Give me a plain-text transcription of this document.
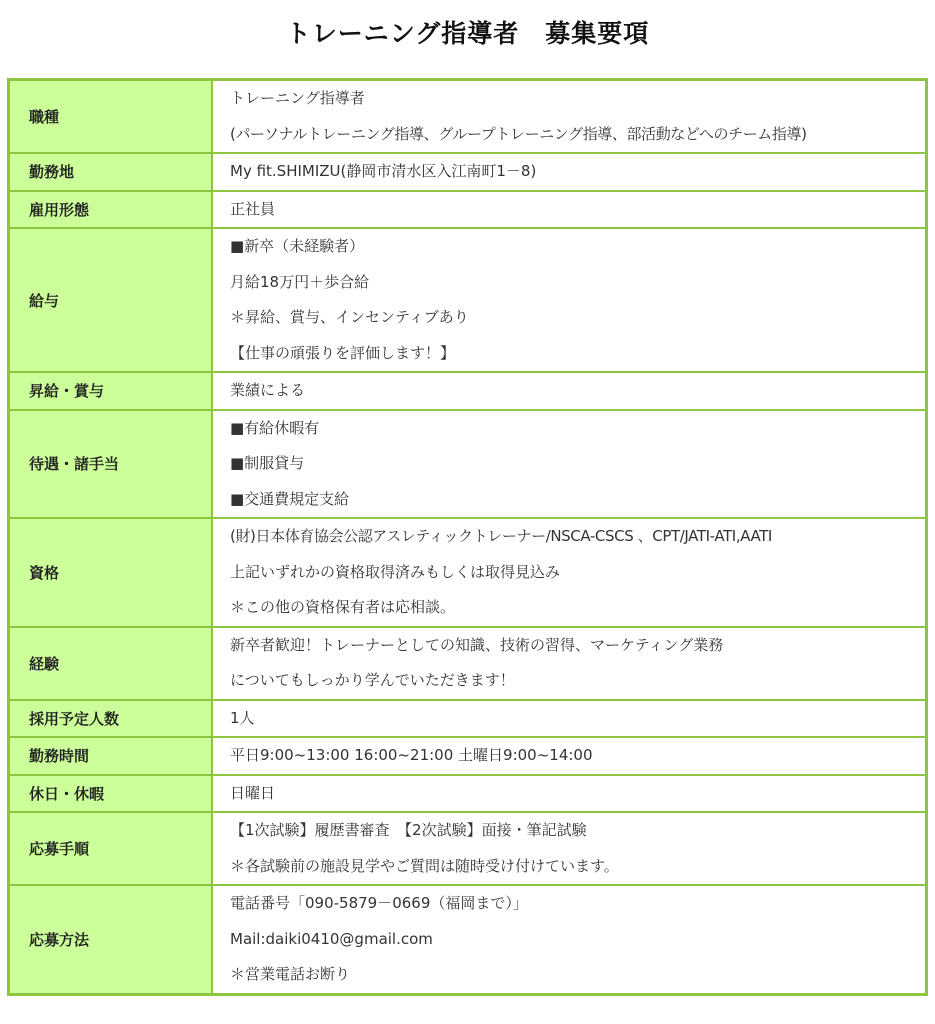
トレーニング指導者　募集要項
職種	トレーニング指導者
(パーソナルトレーニング指導、グループトレーニング指導、部活動などへのチーム指導)

勤務地	My fit.SHIMIZU(静岡市清水区入江南町1－8)

雇用形態	正社員

給与	■新卒（未経験者）
月給18万円＋歩合給
＊昇給、賞与、インセンティブあり
【仕事の頑張りを評価します！】

昇給・賞与	業績による

待遇・諸手当	■有給休暇有
■制服貸与
■交通費規定支給

資格	(財)日本体育協会公認アスレティックトレーナー/NSCA-CSCS 、CPT/JATI-ATI,AATI
上記いずれかの資格取得済みもしくは取得見込み
＊この他の資格保有者は応相談。

経験	新卒者歓迎！トレーナーとしての知識、技術の習得、マーケティング業務
についてもしっかり学んでいただきます！

採用予定人数	1人

勤務時間	平日9:00~13:00 16:00~21:00 土曜日9:00~14:00

休日・休暇	日曜日

応募手順	【1次試験】履歴書審査　【2次試験】面接・筆記試験
＊各試験前の施設見学やご質問は随時受け付けています。

応募方法	電話番号「090-5879－0669（福岡まで）」
Mail:daiki0410@gmail.com
＊営業電話お断り
